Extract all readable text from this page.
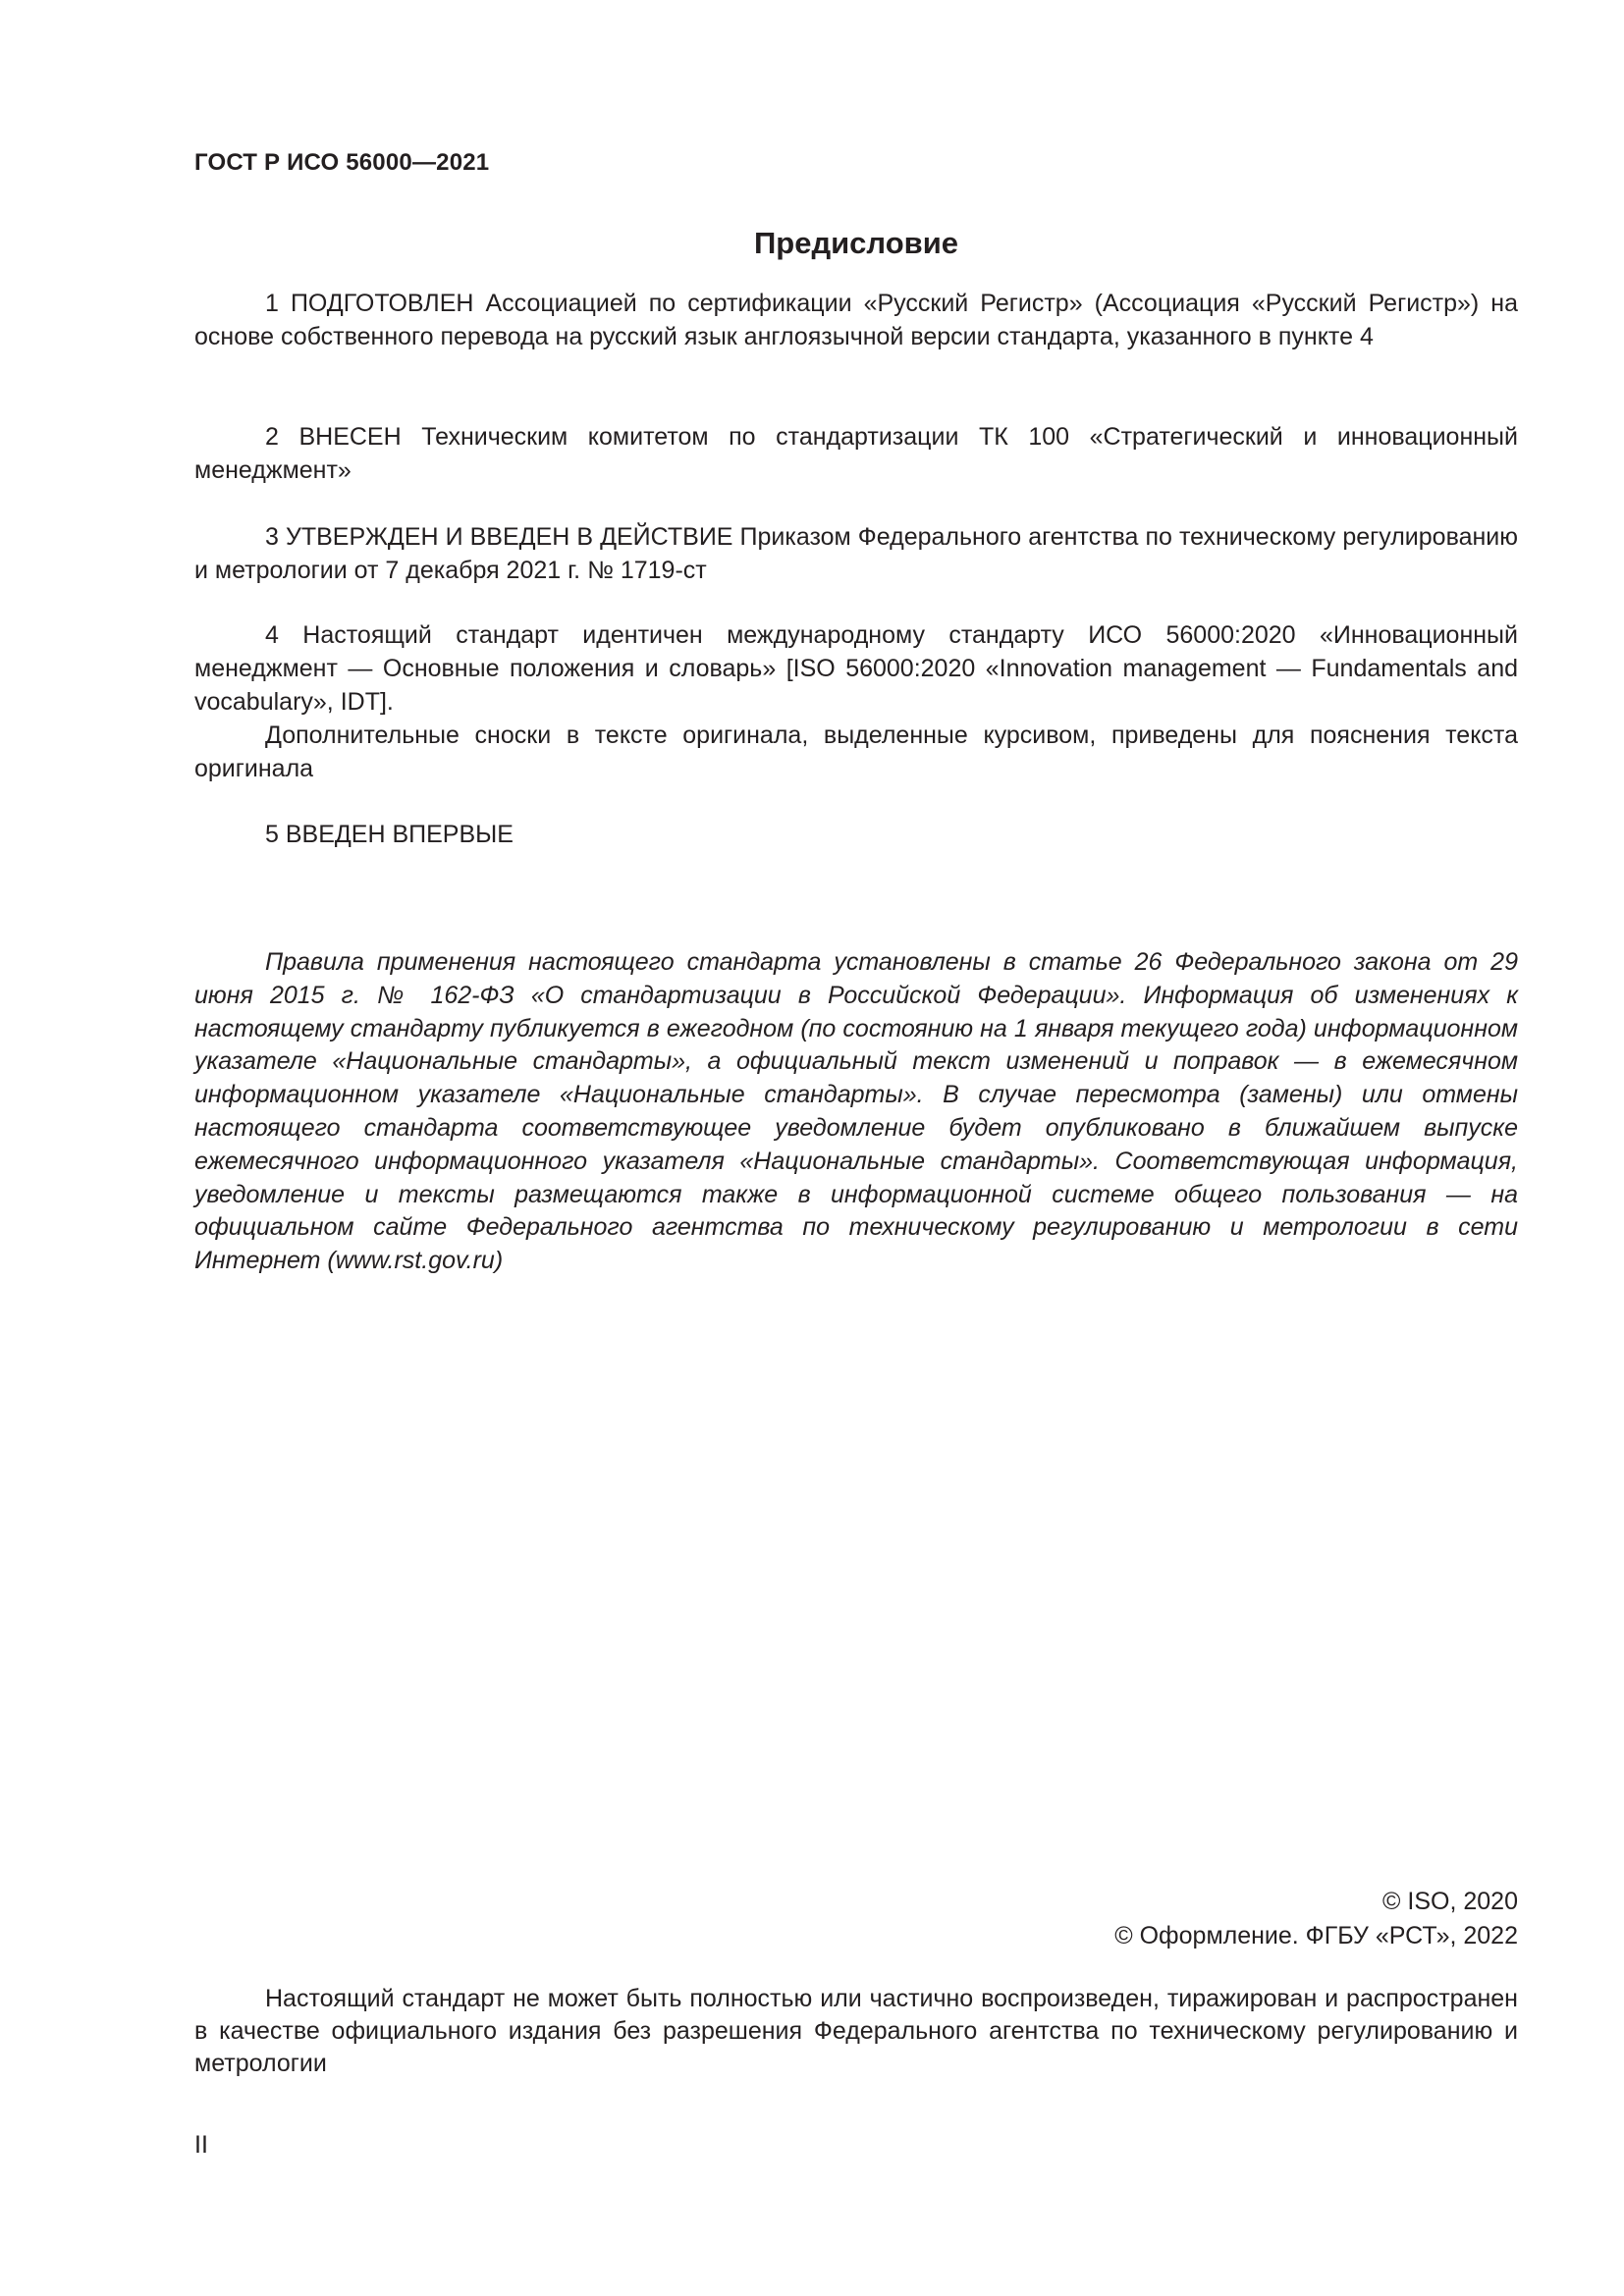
ГОСТ Р ИСО 56000—2021
Предисловие

1 ПОДГОТОВЛЕН Ассоциацией по сертификации «Русский Регистр» (Ассоциация «Русский Регистр») на основе собственного перевода на русский язык англоязычной версии стандарта, указанного в пункте 4

2 ВНЕСЕН Техническим комитетом по стандартизации ТК 100 «Стратегический и инновационный менеджмент»

3 УТВЕРЖДЕН И ВВЕДЕН В ДЕЙСТВИЕ Приказом Федерального агентства по техническому регулированию и метрологии от 7 декабря 2021 г. № 1719-ст

4 Настоящий стандарт идентичен международному стандарту ИСО 56000:2020 «Инновационный менеджмент — Основные положения и словарь» [ISO 56000:2020 «Innovation management — Fundamentals and vocabulary», IDT].

Дополнительные сноски в тексте оригинала, выделенные курсивом, приведены для пояснения текста оригинала

5 ВВЕДЕН ВПЕРВЫЕ

Правила применения настоящего стандарта установлены в статье 26 Федерального закона от 29 июня 2015 г. № 162-ФЗ «О стандартизации в Российской Федерации». Информация об изменениях к настоящему стандарту публикуется в ежегодном (по состоянию на 1 января текущего года) информационном указателе «Национальные стандарты», а официальный текст изменений и поправок — в ежемесячном информационном указателе «Национальные стандарты». В случае пересмотра (замены) или отмены настоящего стандарта соответствующее уведомление будет опубликовано в ближайшем выпуске ежемесячного информационного указателя «Национальные стандарты». Соответствующая информация, уведомление и тексты размещаются также в информационной системе общего пользования — на официальном сайте Федерального агентства по техническому регулированию и метрологии в сети Интернет (www.rst.gov.ru)

© ISO, 2020
© Оформление. ФГБУ «РСТ», 2022

Настоящий стандарт не может быть полностью или частично воспроизведен, тиражирован и распространен в качестве официального издания без разрешения Федерального агентства по техническому регулированию и метрологии

II
